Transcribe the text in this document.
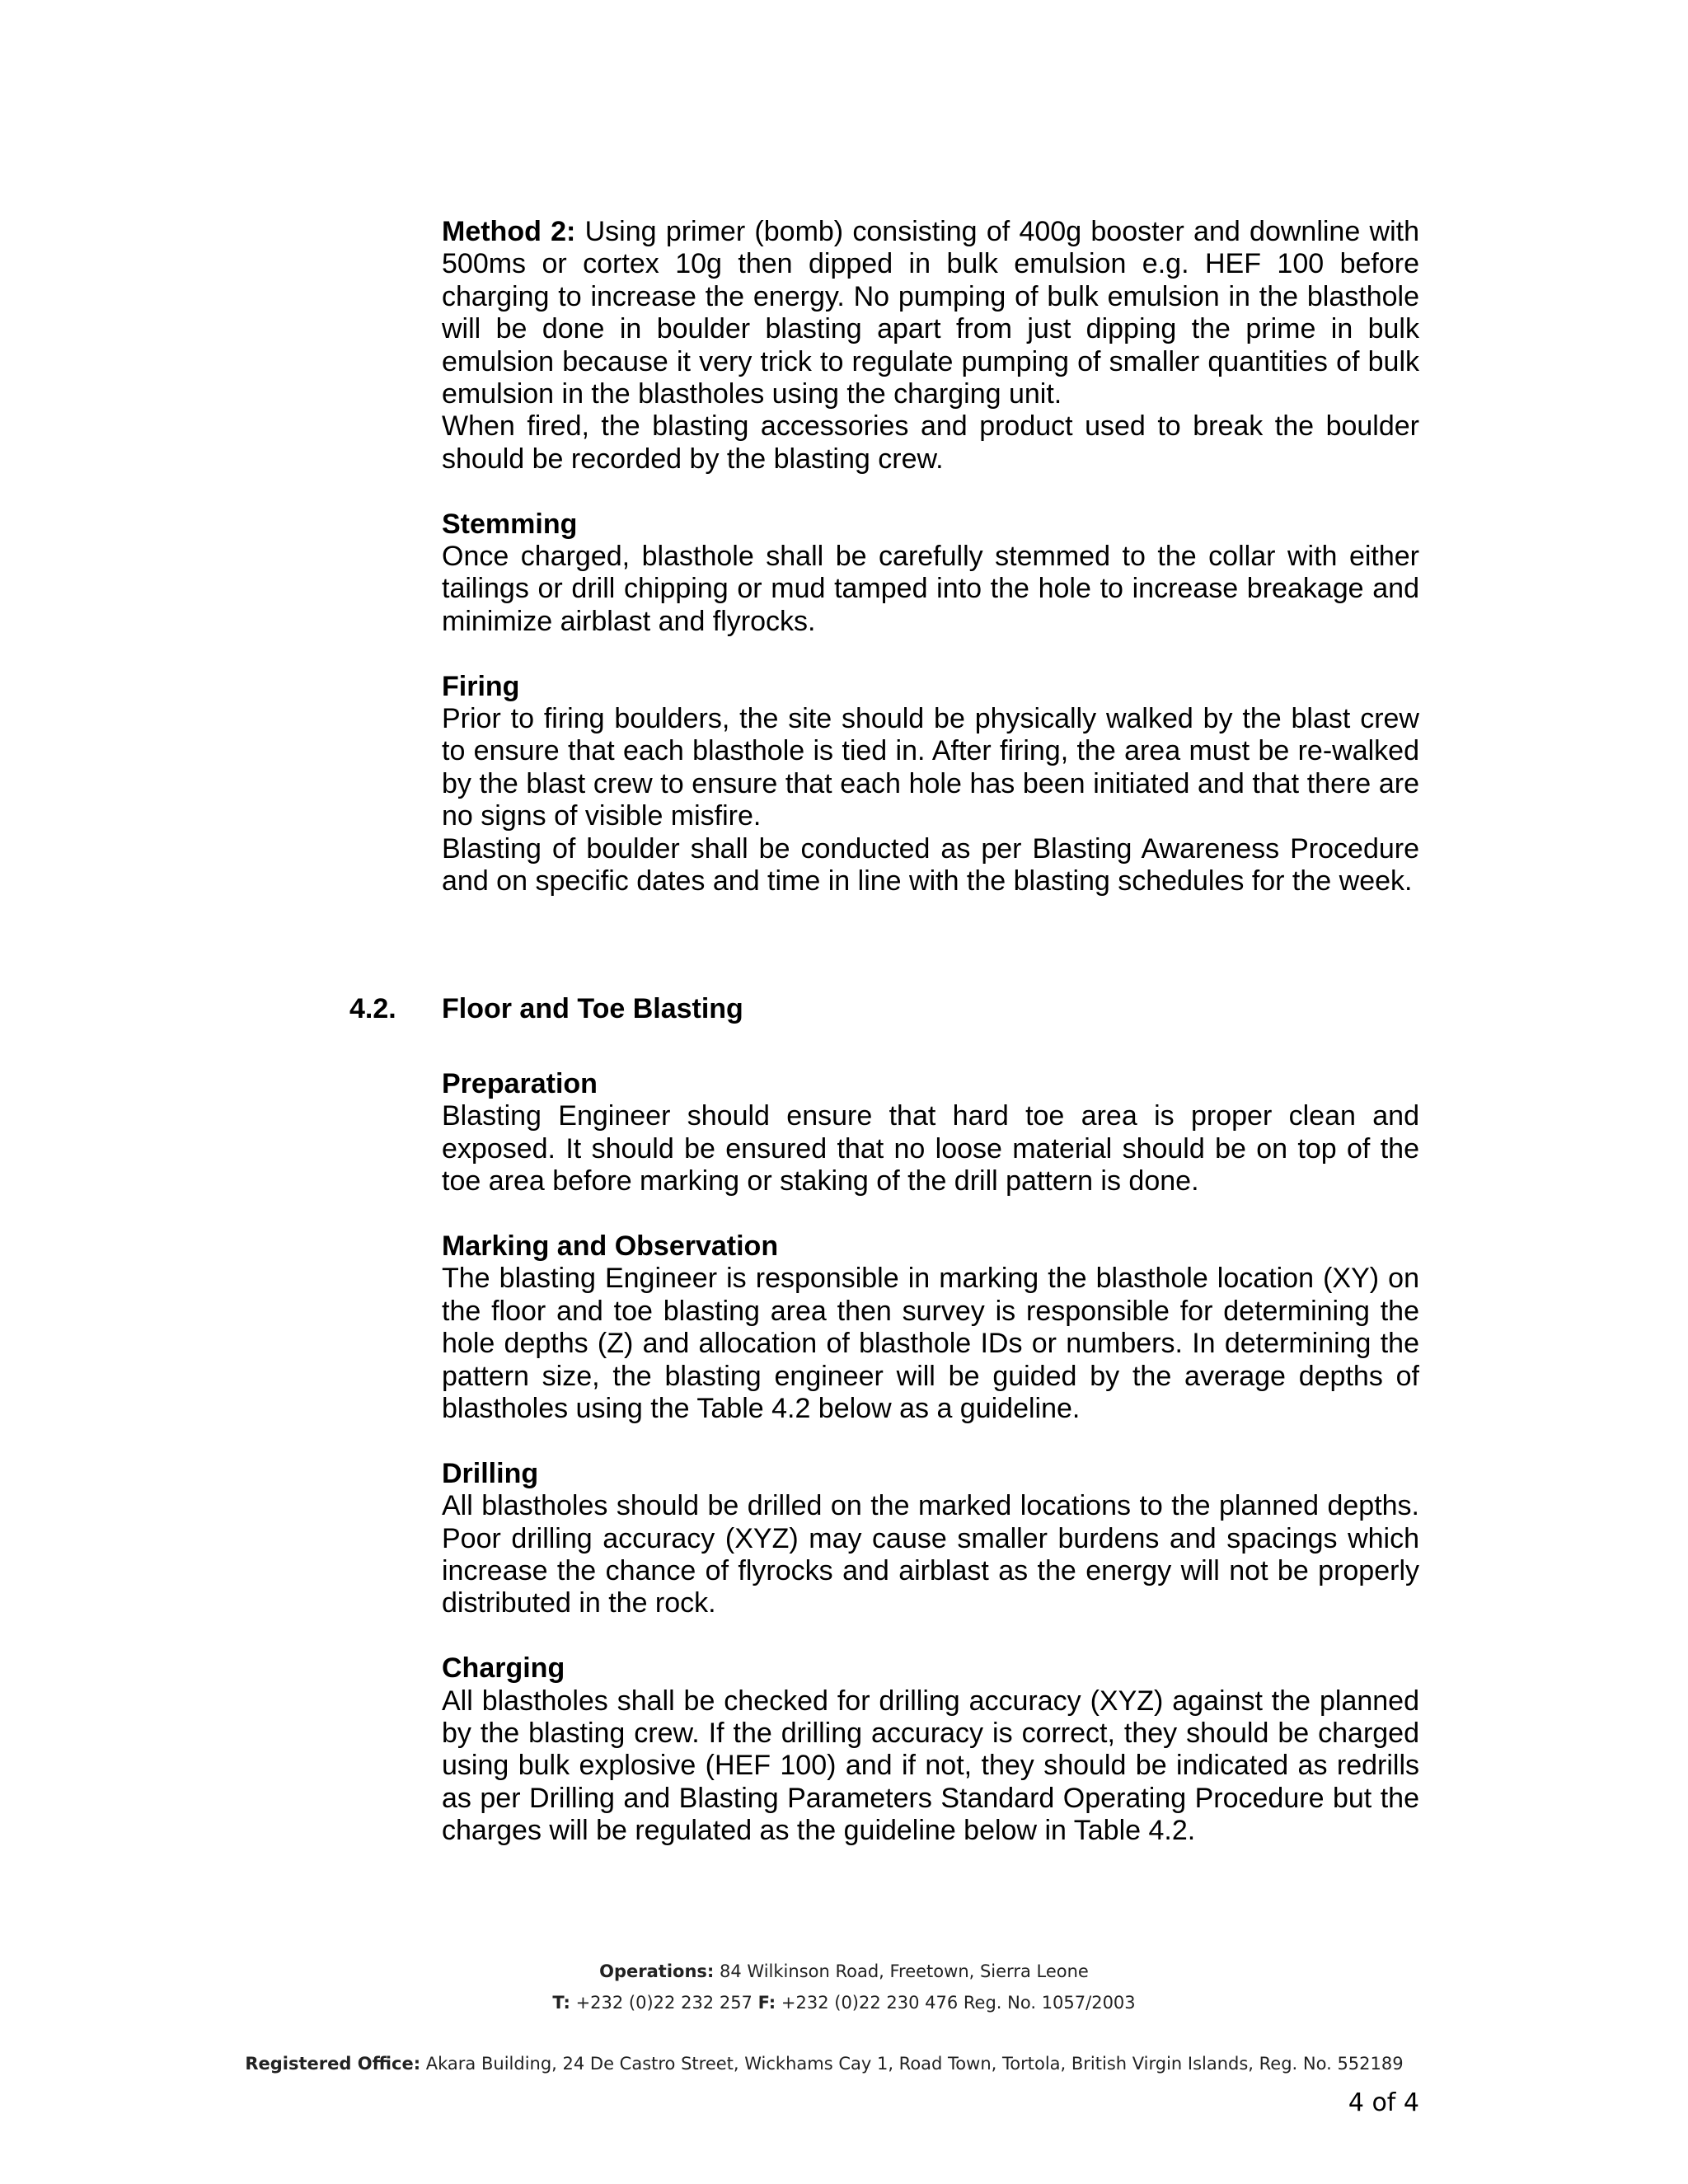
Method 2: Using primer (bomb) consisting of 400g booster and downline with 500ms or cortex 10g then dipped in bulk emulsion e.g. HEF 100 before charging to increase the energy. No pumping of bulk emulsion in the blasthole will be done in boulder blasting apart from just dipping the prime in bulk emulsion because it very trick to regulate pumping of smaller quantities of bulk emulsion in the blastholes using the charging unit.

When fired, the blasting accessories and product used to break the boulder should be recorded by the blasting crew.

Stemming

Once charged, blasthole shall be carefully stemmed to the collar with either tailings or drill chipping or mud tamped into the hole to increase breakage and minimize airblast and flyrocks.

Firing

Prior to firing boulders, the site should be physically walked by the blast crew to ensure that each blasthole is tied in. After firing, the area must be re-walked by the blast crew to ensure that each hole has been initiated and that there are no signs of visible misfire.

Blasting of boulder shall be conducted as per Blasting Awareness Procedure and on specific dates and time in line with the blasting schedules for the week.

4.2. Floor and Toe Blasting

Preparation

Blasting Engineer should ensure that hard toe area is proper clean and exposed. It should be ensured that no loose material should be on top of the toe area before marking or staking of the drill pattern is done.

Marking and Observation

The blasting Engineer is responsible in marking the blasthole location (XY) on the floor and toe blasting area then survey is responsible for determining the hole depths (Z) and allocation of blasthole IDs or numbers. In determining the pattern size, the blasting engineer will be guided by the average depths of blastholes using the Table 4.2 below as a guideline.

Drilling

All blastholes should be drilled on the marked locations to the planned depths. Poor drilling accuracy (XYZ) may cause smaller burdens and spacings which increase the chance of flyrocks and airblast as the energy will not be properly distributed in the rock.

Charging

All blastholes shall be checked for drilling accuracy (XYZ) against the planned by the blasting crew. If the drilling accuracy is correct, they should be charged using bulk explosive (HEF 100) and if not, they should be indicated as redrills as per Drilling and Blasting Parameters Standard Operating Procedure but the charges will be regulated as the guideline below in Table 4.2.

Operations: 84 Wilkinson Road, Freetown, Sierra Leone
T: +232 (0)22 232 257 F: +232 (0)22 230 476 Reg. No. 1057/2003
Registered Office: Akara Building, 24 De Castro Street, Wickhams Cay 1, Road Town, Tortola, British Virgin Islands, Reg. No. 552189
4 of 4
